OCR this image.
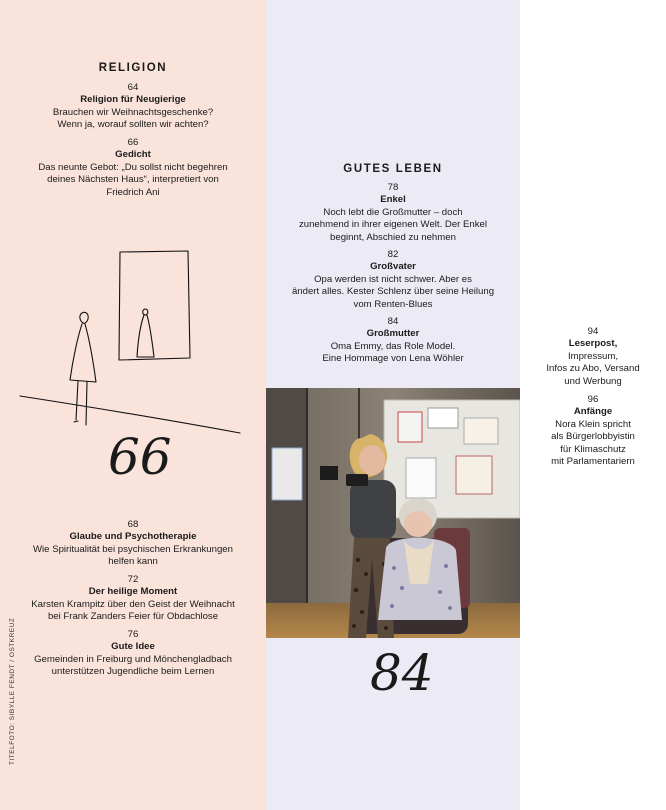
RELIGION
64
Religion für Neugierige
Brauchen wir Weihnachtsgeschenke?
Wenn ja, worauf sollten wir achten?
66
Gedicht
Das neunte Gebot: „Du sollst nicht begehren
deines Nächsten Haus“, interpretiert von
Friedrich Ani
66
68
Glaube und Psychotherapie
Wie Spiritualität bei psychischen Erkrankungen
helfen kann
72
Der heilige Moment
Karsten Krampitz über den Geist der Weihnacht
bei Frank Zanders Feier für Obdachlose
76
Gute Idee
Gemeinden in Freiburg und Mönchengladbach
unterstützen Jugendliche beim Lernen
TITELFOTO: SIBYLLE FENDT / OSTKREUZ
GUTES LEBEN
78
Enkel
Noch lebt die Großmutter – doch
zunehmend in ihrer eigenen Welt. Der Enkel
beginnt, Abschied zu nehmen
82
Großvater
Opa werden ist nicht schwer. Aber es
ändert alles. Kester Schlenz über seine Heilung
vom Renten-Blues
84
Großmutter
Oma Emmy, das Role Model.
Eine Hommage von Lena Wöhler
84
94
Leserpost,
Impressum,
Infos zu Abo, Versand
und Werbung
96
Anfänge
Nora Klein spricht
als Bürgerlobbyistin
für Klimaschutz
mit Parlamentariern
